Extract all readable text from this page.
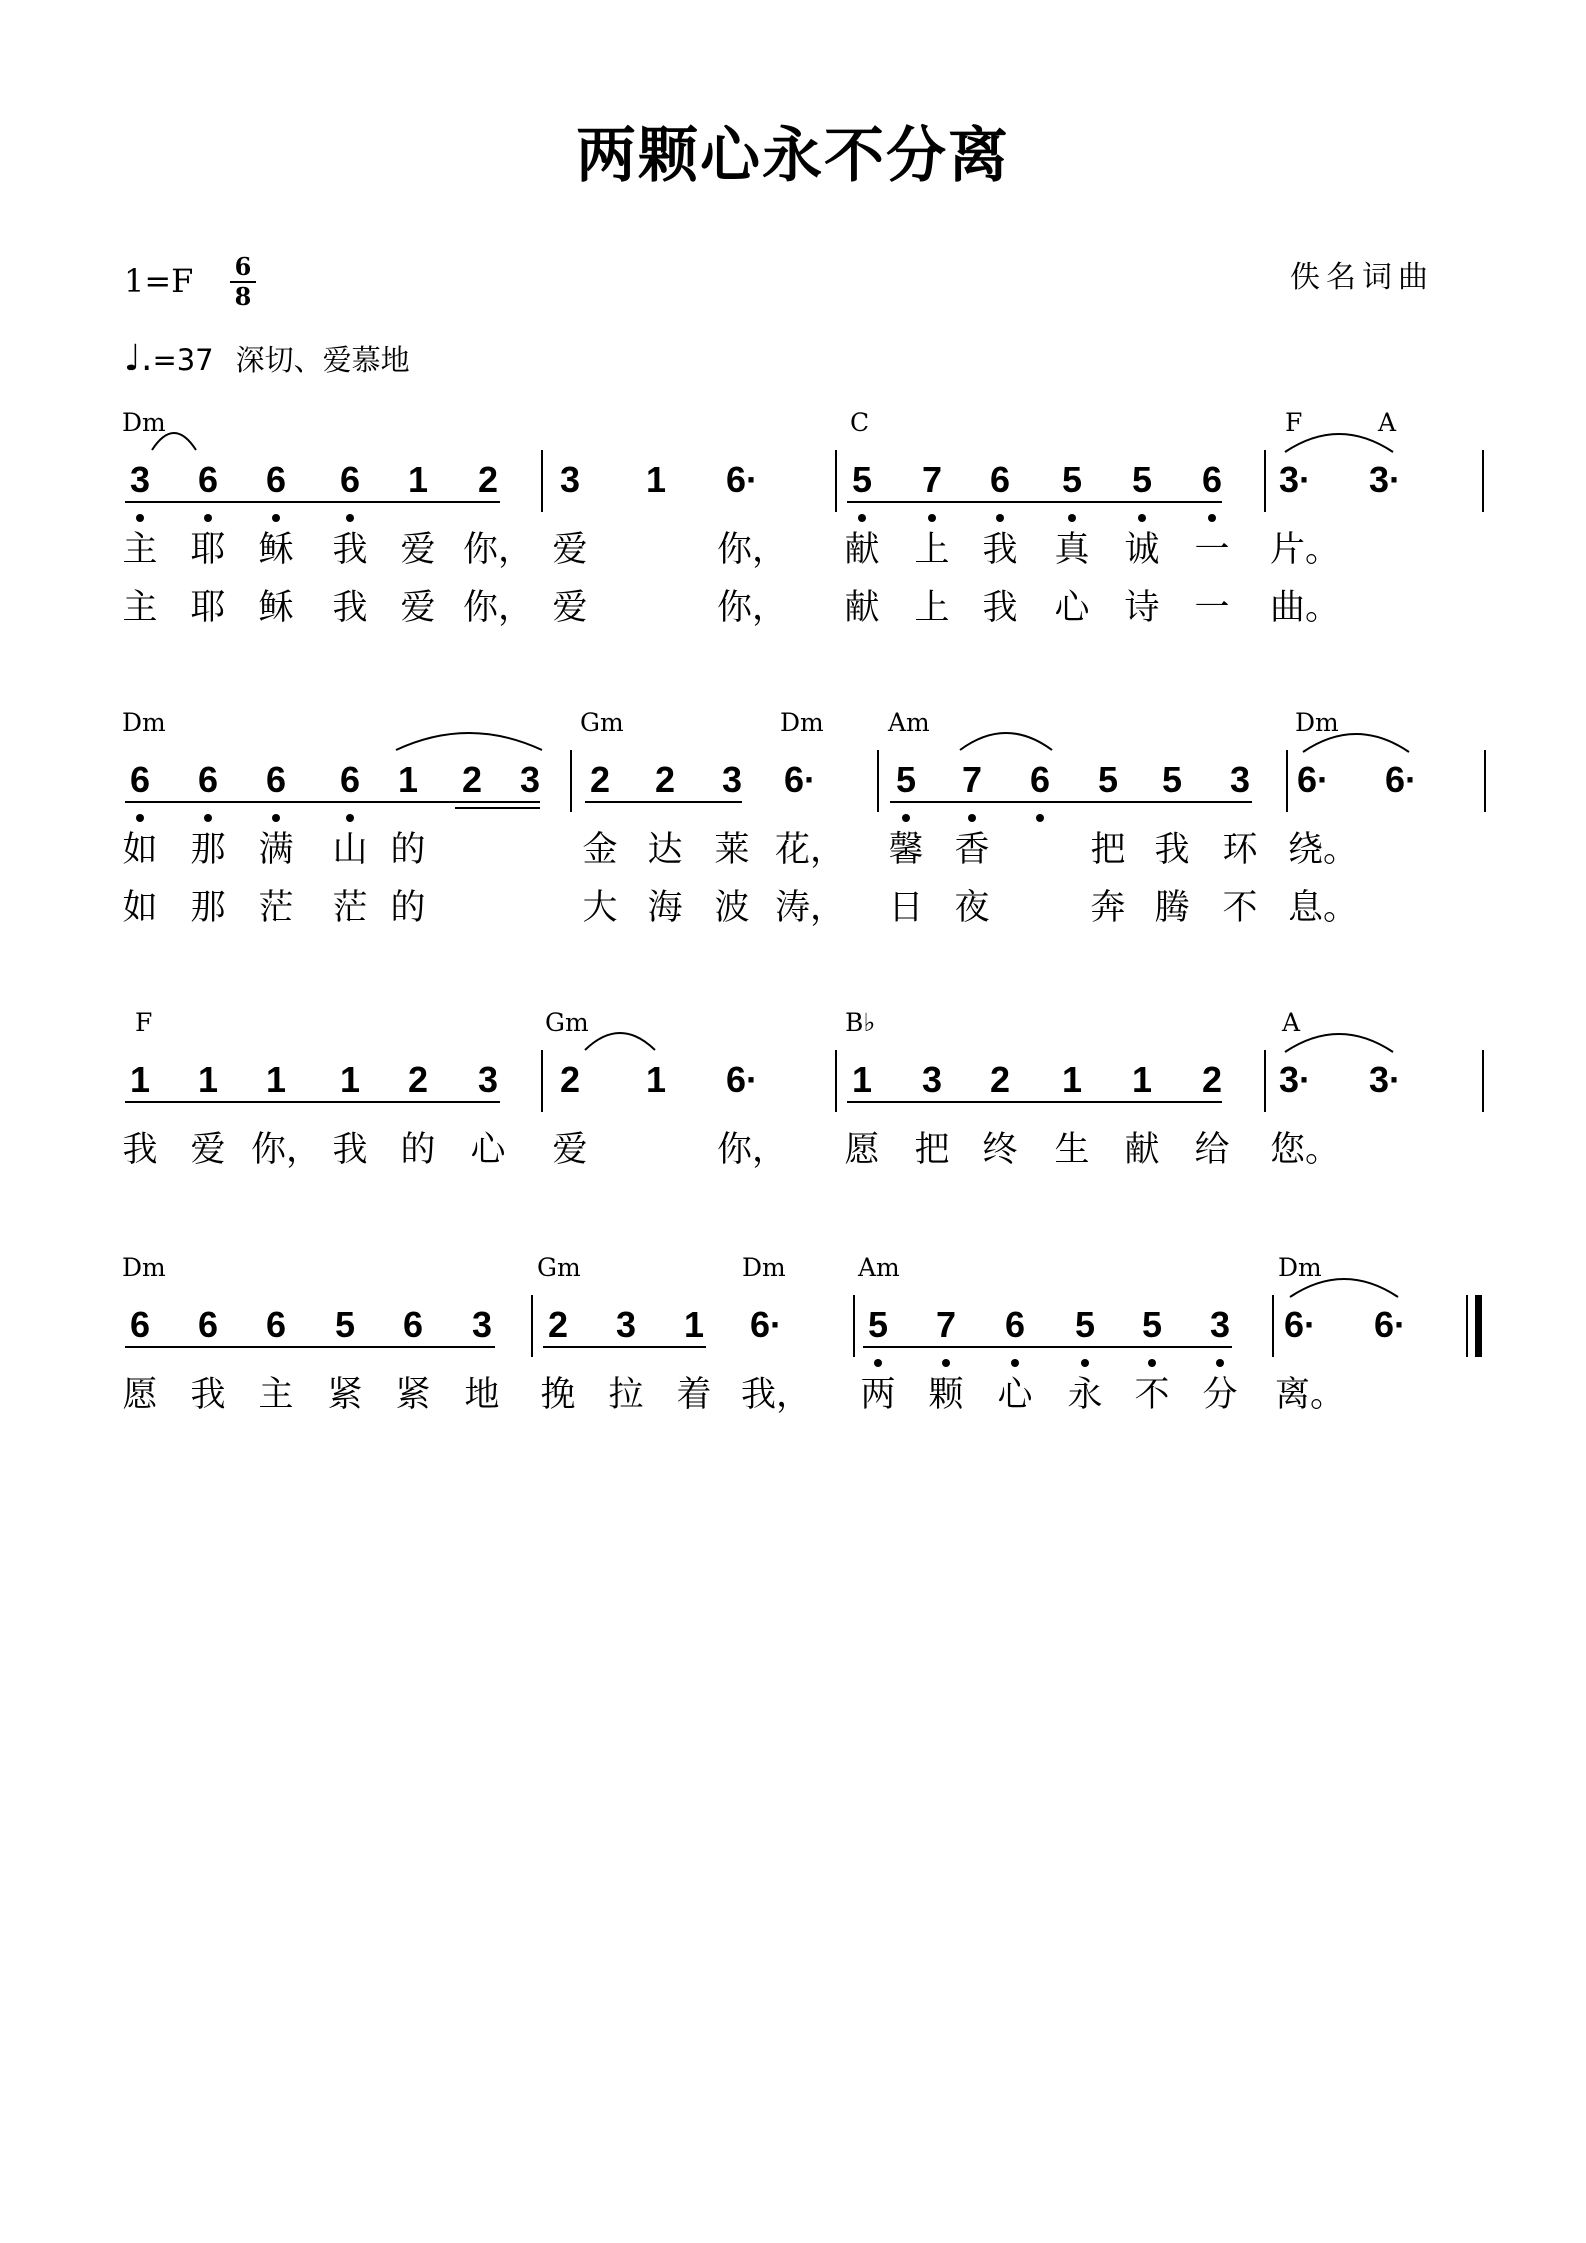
两颗心永不分离
佚名词曲
1=F	6
8
♩.=37 深切、爱慕地
Dm	C	F	A
3 6 6 6 1 2 3 1 6·	5 7 6 5 5 6 3· 3·
主 耶 稣 我 爱 你， 爱	你， 献 上 我 真 诚 一 片。
主 耶 稣 我 爱 你， 爱	你， 献 上 我 心 诗 一 曲。
Dm	Gm	Dm	Am	Dm
6 6 6 6 1 2 3 2 2 3 6· 5 7 6 5 5 3 6· 6·
如 那 满 山 的	金 达 莱 花， 馨 香	把 我 环 绕。
如 那 茫 茫 的	大 海 波 涛， 日 夜	奔 腾 不 息。
F	Gm	B♭	A
1 1 1 1 2 3 2 1 6·	1 3 2 1 1 2 3· 3·
我 爱 你， 我 的 心 爱	你， 愿 把 终 生 献 给 您。
Dm	Gm	Dm	Am	Dm
6 6 6 5 6 3 2 3 1 6· 5 7 6 5 5 3 6· 6·
愿 我 主 紧 紧 地 挽 拉 着 我， 两 颗 心 永 不 分 离。
